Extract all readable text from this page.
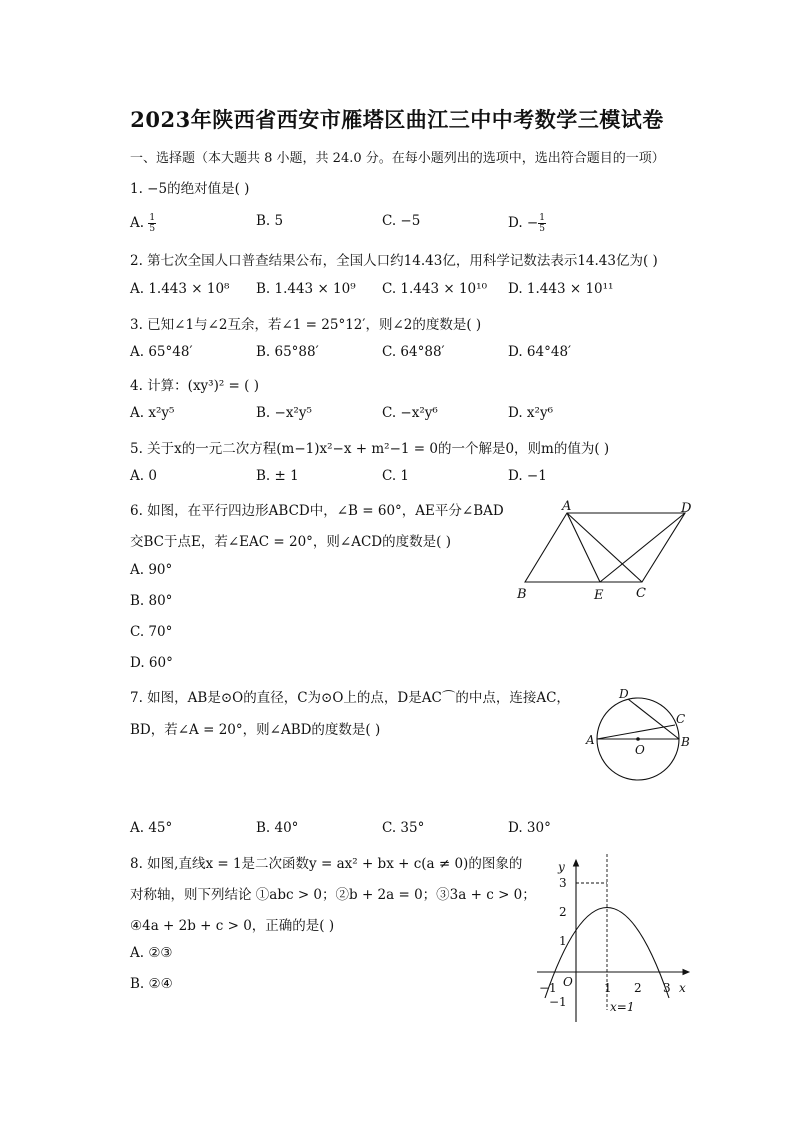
2023年陕西省西安市雁塔区曲江三中中考数学三模试卷
一、选择题（本大题共 8 小题，共 24.0 分。在每小题列出的选项中，选出符合题目的一项）
1. −5的绝对值是( )
A. $\frac{1}{5}$	B. 5	C. −5	D. − $\frac{1}{5}$
2. 第七次全国人口普查结果公布，全国人口约14.43亿，用科学记数法表示14.43亿为( )
A. 1.443 × 10⁸ B. 1.443 × 10⁹ C. 1.443 × 10¹⁰ D. 1.443 × 10¹¹
3. 已知∠1与∠2互余，若∠1 = 25°12′，则∠2的度数是( )
A. 65°48′	B. 65°88′	C. 64°88′	D. 64°48′
4. 计算：(xy³)² = ( )
A. x²y⁵	B. −x²y⁵	C. −x²y⁶	D. x²y⁶
5. 关于x的一元二次方程(m−1)x²−x + m²−1 = 0的一个解是0，则m的值为( )
A. 0	B. ± 1	C. 1	D. −1
6. 如图，在平行四边形ABCD中，∠B = 60°，AE平分∠BAD
交BC于点E，若∠EAC = 20°，则∠ACD的度数是( )
A. 90°
B. 80°
C. 70°
D. 60°
A	D
B	E	C
7. 如图，AB是⊙O的直径，C为⊙O上的点，D是AC⌒的中点，连接AC，
BD，若∠A = 20°，则∠ABD的度数是( )
A	B
C
D
O
A. 45°	B. 40°	C. 35°	D. 30°
8. 如图,直线x = 1是二次函数y = ax² + bx + c(a ≠ 0)的图象的
对称轴，则下列结论 ①abc > 0；②b + 2a = 0；③3a + c > 0；
④4a + 2b + c > 0，正确的是( )
A. ②③
B. ②④
y
x
O
3
2
1
−1
−1	1 2 3
x=1
